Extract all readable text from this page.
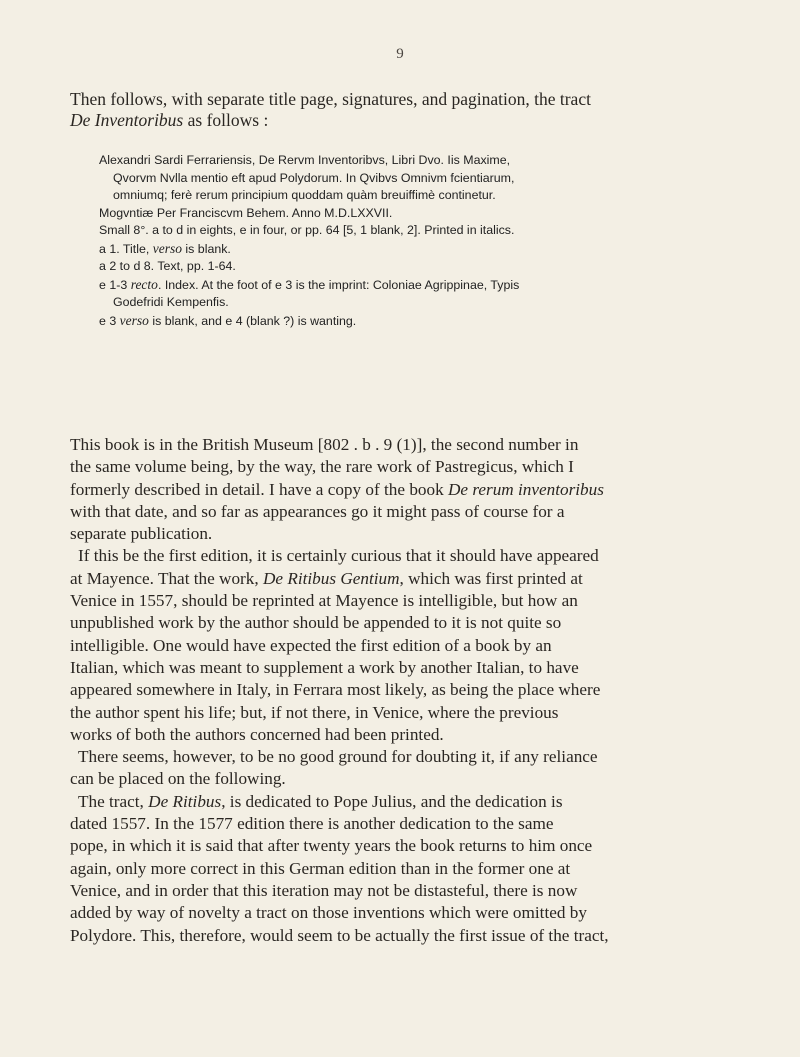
9
Then follows, with separate title page, signatures, and pagination, the tract
De Inventoribus as follows :
Alexandri Sardi Ferrariensis, De Rervm Inventoribvs, Libri Dvo. Iis Maxime,
Qvorvm Nvlla mentio eft apud Polydorum. In Qvibvs Omnivm fcientiarum,
omniumq; ferè rerum principium quoddam quàm breuiffimè continetur.
Mogvntiæ Per Franciscvm Behem. Anno M.D.LXXVII.
Small 8°. a to d in eights, e in four, or pp. 64 [5, 1 blank, 2]. Printed in italics.
a 1. Title, verso is blank.
a 2 to d 8. Text, pp. 1-64.
e 1-3 recto. Index. At the foot of e 3 is the imprint: Coloniae Agrippinae, Typis
Godefridi Kempenfis.
e 3 verso is blank, and e 4 (blank ?) is wanting.
This book is in the British Museum [802 . b . 9 (1)], the second number in
the same volume being, by the way, the rare work of Pastregicus, which I
formerly described in detail. I have a copy of the book De rerum inventoribus
with that date, and so far as appearances go it might pass of course for a
separate publication.
If this be the first edition, it is certainly curious that it should have appeared
at Mayence. That the work, De Ritibus Gentium, which was first printed at
Venice in 1557, should be reprinted at Mayence is intelligible, but how an
unpublished work by the author should be appended to it is not quite so
intelligible. One would have expected the first edition of a book by an
Italian, which was meant to supplement a work by another Italian, to have
appeared somewhere in Italy, in Ferrara most likely, as being the place where
the author spent his life; but, if not there, in Venice, where the previous
works of both the authors concerned had been printed.
There seems, however, to be no good ground for doubting it, if any reliance
can be placed on the following.
The tract, De Ritibus, is dedicated to Pope Julius, and the dedication is
dated 1557. In the 1577 edition there is another dedication to the same
pope, in which it is said that after twenty years the book returns to him once
again, only more correct in this German edition than in the former one at
Venice, and in order that this iteration may not be distasteful, there is now
added by way of novelty a tract on those inventions which were omitted by
Polydore. This, therefore, would seem to be actually the first issue of the tract,
